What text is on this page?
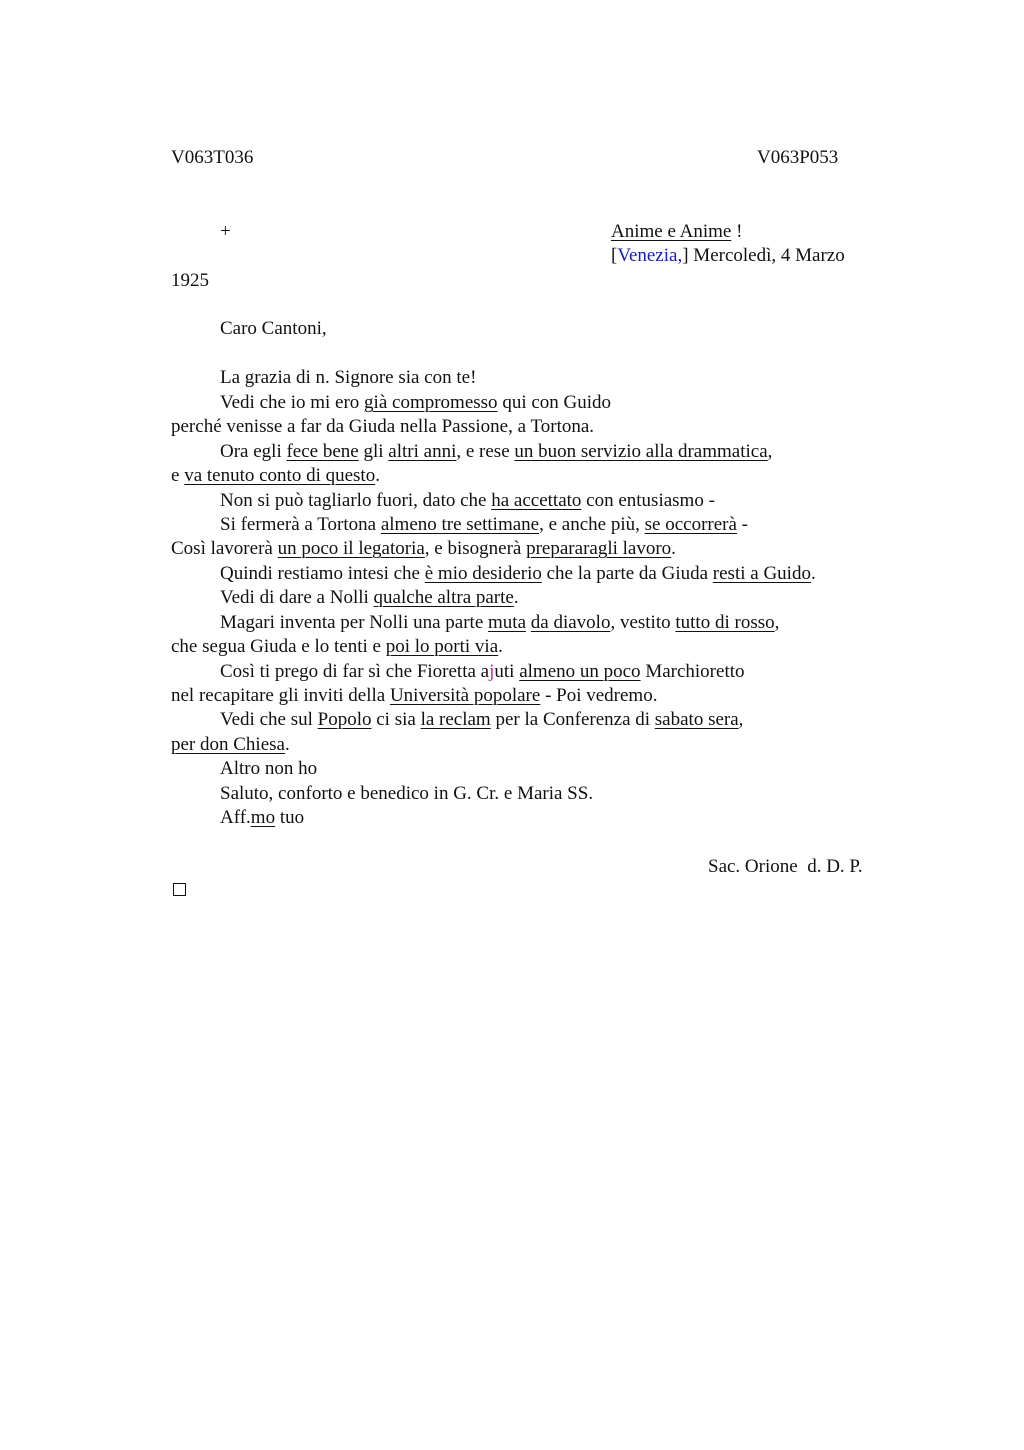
V063T036	V063P053
+	Anime e Anime !
[Venezia,] Mercoledì, 4 Marzo
1925
Caro Cantoni,
La grazia di n. Signore sia con te!
Vedi che io mi ero già compromesso qui con Guido
perché venisse a far da Giuda nella Passione, a Tortona.
Ora egli fece bene gli altri anni, e rese un buon servizio alla drammatica,
e va tenuto conto di questo.
Non si può tagliarlo fuori, dato che ha accettato con entusiasmo -
Si fermerà a Tortona almeno tre settimane, e anche più, se occorrerà -
Così lavorerà un poco il legatoria, e bisognerà prepararagli lavoro.
Quindi restiamo intesi che è mio desiderio che la parte da Giuda resti a Guido.
Vedi di dare a Nolli qualche altra parte.
Magari inventa per Nolli una parte muta da diavolo, vestito tutto di rosso,
che segua Giuda e lo tenti e poi lo porti via.
Così ti prego di far sì che Fioretta ajuti almeno un poco Marchioretto
nel recapitare gli inviti della Università popolare - Poi vedremo.
Vedi che sul Popolo ci sia la reclam per la Conferenza di sabato sera,
per don Chiesa.
Altro non ho
Saluto, conforto e benedico in G. Cr. e Maria SS.
Aff.mo tuo
Sac. Orione  d. D. P.
